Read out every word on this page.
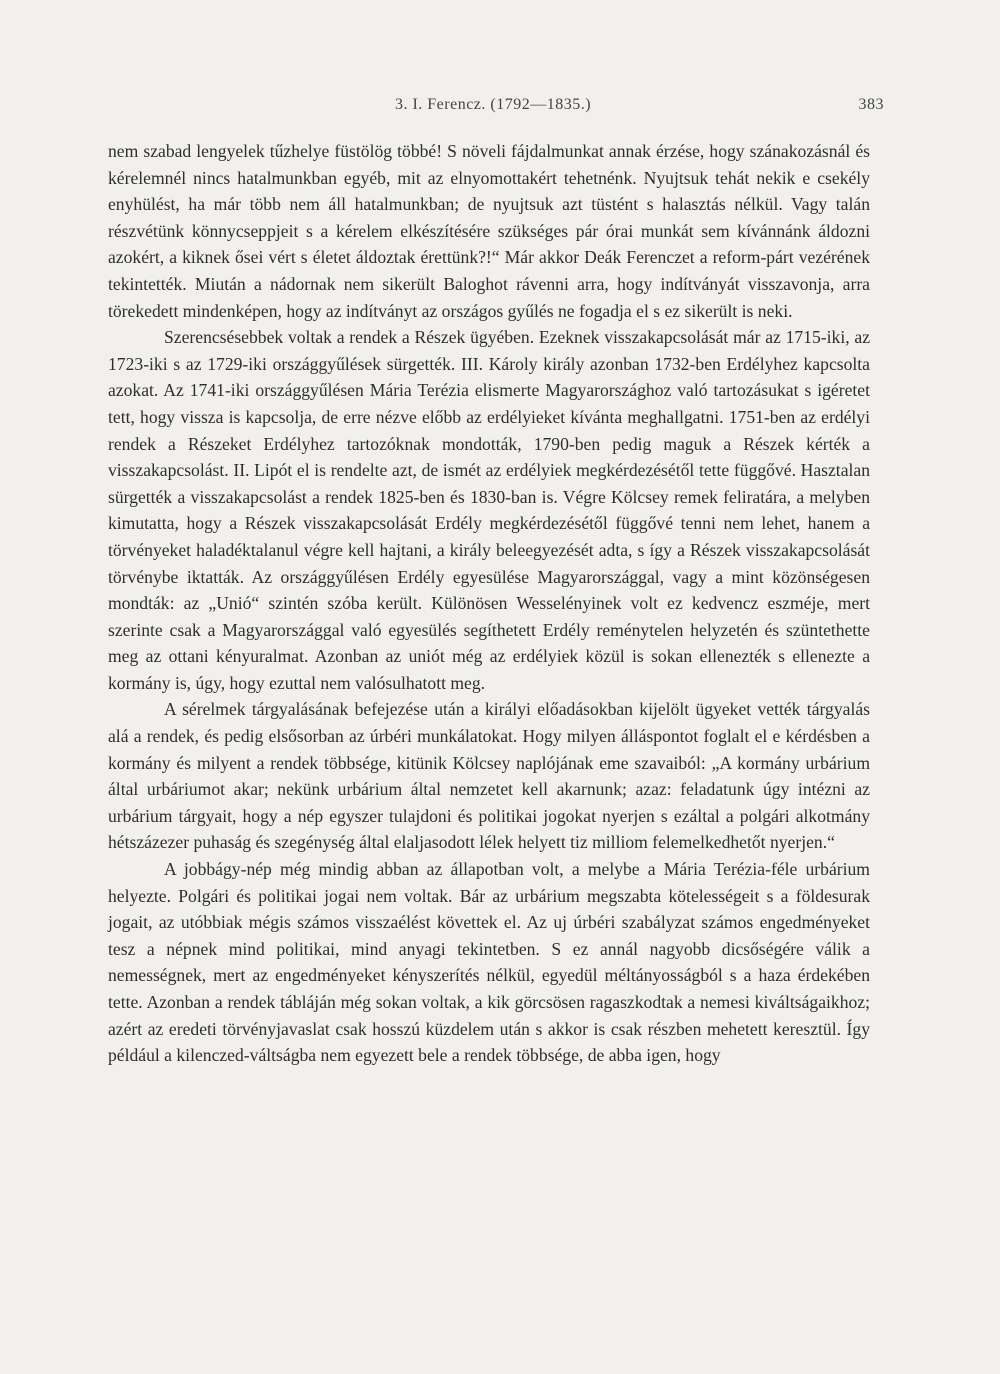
3. I. Ferencz. (1792—1835.)	383

nem szabad lengyelek tűzhelye füstölög többé! S növeli fájdalmunkat annak érzése, hogy szánakozásnál és kérelemnél nincs hatalmunkban egyéb, mit az elnyomottakért tehetnénk. Nyujtsuk tehát nekik e csekély enyhülést, ha már több nem áll hatalmunkban; de nyujtsuk azt tüstént s halasztás nélkül. Vagy talán részvétünk könnycseppjeit s a kérelem elkészítésére szükséges pár órai munkát sem kívánnánk áldozni azokért, a kiknek ősei vért s életet áldoztak érettünk?!“ Már akkor Deák Ferenczet a reform-párt vezérének tekintették. Miután a nádornak nem sikerült Baloghot rávenni arra, hogy indítványát visszavonja, arra törekedett mindenképen, hogy az indítványt az országos gyűlés ne fogadja el s ez sikerült is neki.

Szerencsésebbek voltak a rendek a Részek ügyében. Ezeknek visszakapcsolását már az 1715-iki, az 1723-iki s az 1729-iki országgyűlések sürgették. III. Károly király azonban 1732-ben Erdélyhez kapcsolta azokat. Az 1741-iki országgyűlésen Mária Terézia elismerte Magyarországhoz való tartozásukat s igéretet tett, hogy vissza is kapcsolja, de erre nézve előbb az erdélyieket kívánta meghallgatni. 1751-ben az erdélyi rendek a Részeket Erdélyhez tartozóknak mondották, 1790-ben pedig maguk a Részek kérték a visszakapcsolást. II. Lipót el is rendelte azt, de ismét az erdélyiek megkérdezésétől tette függővé. Hasztalan sürgették a visszakapcsolást a rendek 1825-ben és 1830-ban is. Végre Kölcsey remek feliratára, a melyben kimutatta, hogy a Részek visszakapcsolását Erdély megkérdezésétől függővé tenni nem lehet, hanem a törvényeket haladéktalanul végre kell hajtani, a király beleegyezését adta, s így a Részek visszakapcsolását törvénybe iktatták. Az országgyűlésen Erdély egyesülése Magyarországgal, vagy a mint közönségesen mondták: az „Unió“ szintén szóba került. Különösen Wesselényinek volt ez kedvencz eszméje, mert szerinte csak a Magyarországgal való egyesülés segíthetett Erdély reménytelen helyzetén és szüntethette meg az ottani kényuralmat. Azonban az uniót még az erdélyiek közül is sokan ellenezték s ellenezte a kormány is, úgy, hogy ezuttal nem valósulhatott meg.

A sérelmek tárgyalásának befejezése után a királyi előadásokban kijelölt ügyeket vették tárgyalás alá a rendek, és pedig elsősorban az úrbéri munkálatokat. Hogy milyen álláspontot foglalt el e kérdésben a kormány és milyent a rendek többsége, kitünik Kölcsey naplójának eme szavaiból: „A kormány urbárium által urbáriumot akar; nekünk urbárium által nemzetet kell akarnunk; azaz: feladatunk úgy intézni az urbárium tárgyait, hogy a nép egyszer tulajdoni és politikai jogokat nyerjen s ezáltal a polgári alkotmány hétszázezer puhaság és szegénység által elaljasodott lélek helyett tiz milliom felemelkedhetőt nyerjen.“

A jobbágy-nép még mindig abban az állapotban volt, a melybe a Mária Terézia-féle urbárium helyezte. Polgári és politikai jogai nem voltak. Bár az urbárium megszabta kötelességeit s a földesurak jogait, az utóbbiak mégis számos visszaélést követtek el. Az uj úrbéri szabályzat számos engedményeket tesz a népnek mind politikai, mind anyagi tekintetben. S ez annál nagyobb dicsőségére válik a nemességnek, mert az engedményeket kényszerítés nélkül, egyedül méltányosságból s a haza érdekében tette. Azonban a rendek tábláján még sokan voltak, a kik görcsösen ragaszkodtak a nemesi kiváltságaikhoz; azért az eredeti törvényjavaslat csak hosszú küzdelem után s akkor is csak részben mehetett keresztül. Így például a kilenczed-váltságba nem egyezett bele a rendek többsége, de abba igen, hogy
